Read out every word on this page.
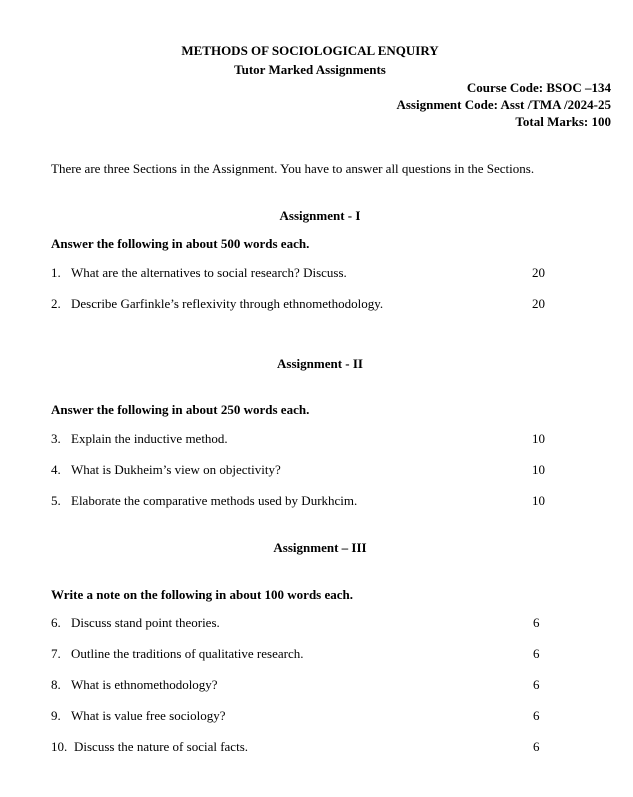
METHODS OF SOCIOLOGICAL ENQUIRY
Tutor Marked Assignments
Course Code: BSOC –134
Assignment Code: Asst /TMA /2024-25
Total Marks: 100
There are three Sections in the Assignment. You have to answer all questions in the Sections.
Assignment - I
Answer the following in about 500 words each.
1. What are the alternatives to social research? Discuss.	20
2. Describe Garfinkle’s reflexivity through ethnomethodology.	20
Assignment - II
Answer the following in about 250 words each.
3. Explain the inductive method.	10
4. What is Dukheim’s view on objectivity?	10
5. Elaborate the comparative methods used by Durkhcim.	10
Assignment – III
Write a note on the following in about 100 words each.
6. Discuss stand point theories.	6
7. Outline the traditions of qualitative research.	6
8. What is ethnomethodology?	6
9. What is value free sociology?	6
10. Discuss the nature of social facts.	6
